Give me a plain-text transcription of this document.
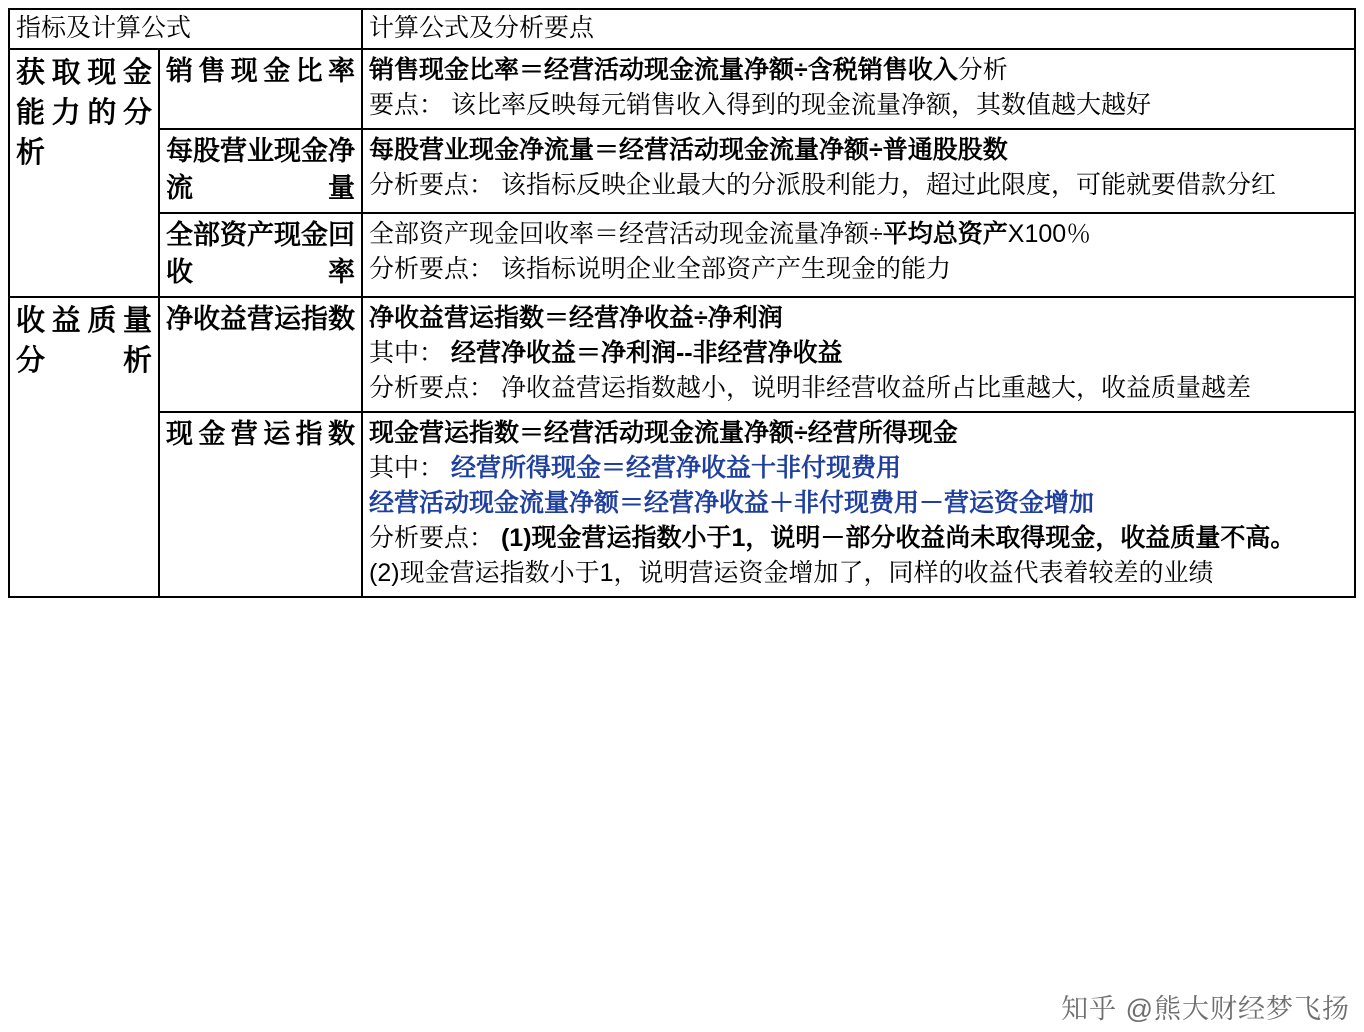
指标及计算公式		计算公式及分析要点

获取现金能力的分析	销售现金比率	销售现金比率＝经营活动现金流量净额÷含税销售收入分析

要点： 该比率反映每元销售收入得到的现金流量净额，其数值越大越好

	每股营业现金净流量	每股营业现金净流量＝经营活动现金流量净额÷普通股股数

分析要点： 该指标反映企业最大的分派股利能力，超过此限度，可能就要借款分红

	全部资产现金回收率	全部资产现金回收率＝经营活动现金流量净额÷平均总资产X100％

分析要点： 该指标说明企业全部资产产生现金的能力

收益质量分析	净收益营运指数	净收益营运指数＝经营净收益÷净利润

其中： 经营净收益＝净利润--非经营净收益

分析要点： 净收益营运指数越小，说明非经营收益所占比重越大，收益质量越差

	现金营运指数	现金营运指数＝经营活动现金流量净额÷经营所得现金

其中： 经营所得现金＝经营净收益十非付现费用

经营活动现金流量净额＝经营净收益＋非付现费用－营运资金增加

分析要点： (1)现金营运指数小于1，说明－部分收益尚未取得现金，收益质量不高。

(2)现金营运指数小于1，说明营运资金增加了，同样的收益代表着较差的业绩

知乎 @熊大财经梦飞扬
